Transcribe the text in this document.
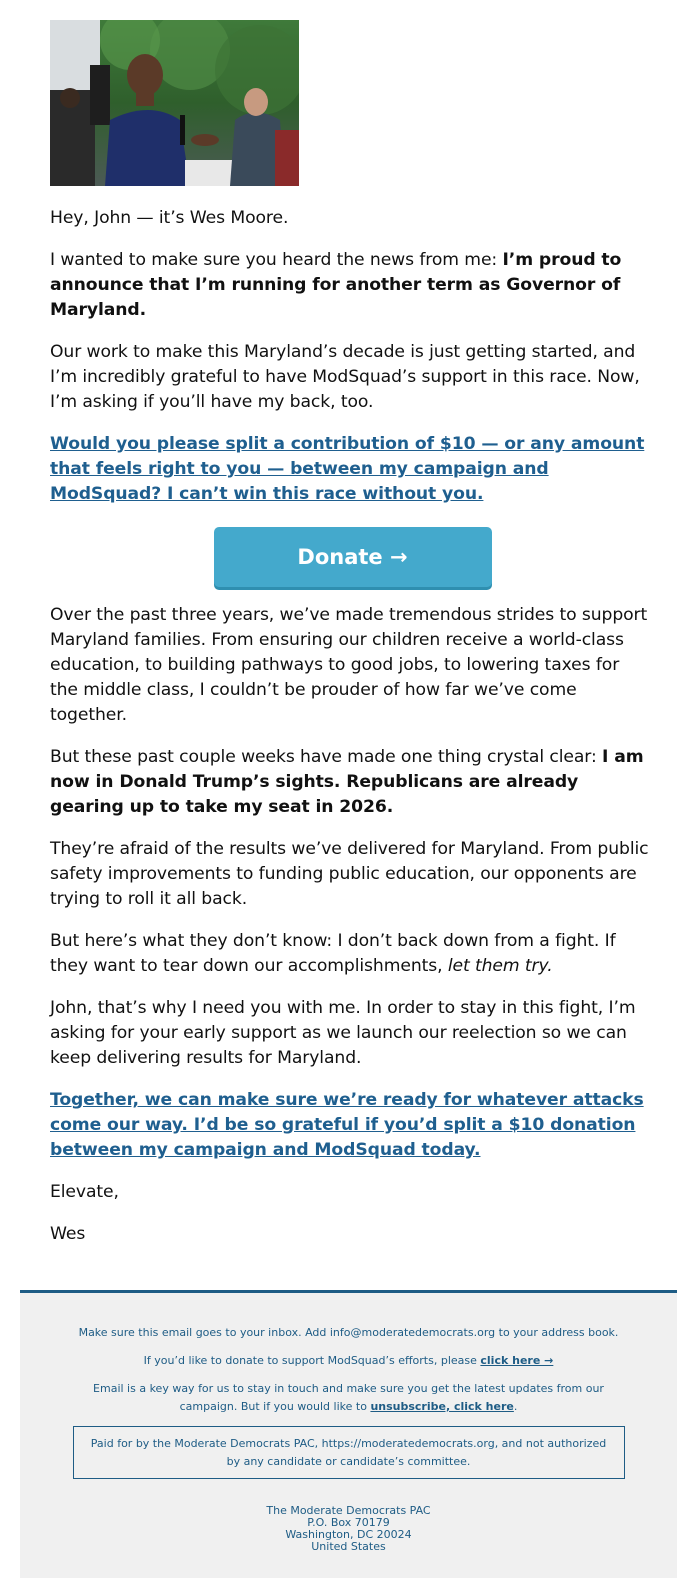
Hey, John — it’s Wes Moore.

I wanted to make sure you heard the news from me: I’m proud to announce that I’m running for another term as Governor of Maryland.

Our work to make this Maryland’s decade is just getting started, and I’m incredibly grateful to have ModSquad’s support in this race. Now, I’m asking if you’ll have my back, too.

Would you please split a contribution of $10 — or any amount that feels right to you — between my campaign and ModSquad? I can’t win this race without you.

Donate →

Over the past three years, we’ve made tremendous strides to support Maryland families. From ensuring our children receive a world-class education, to building pathways to good jobs, to lowering taxes for the middle class, I couldn’t be prouder of how far we’ve come together.

But these past couple weeks have made one thing crystal clear: I am now in Donald Trump’s sights. Republicans are already gearing up to take my seat in 2026.

They’re afraid of the results we’ve delivered for Maryland. From public safety improvements to funding public education, our opponents are trying to roll it all back.

But here’s what they don’t know: I don’t back down from a fight. If they want to tear down our accomplishments, let them try.

John, that’s why I need you with me. In order to stay in this fight, I’m asking for your early support as we launch our reelection so we can keep delivering results for Maryland.

Together, we can make sure we’re ready for whatever attacks come our way. I’d be so grateful if you’d split a $10 donation between my campaign and ModSquad today.

Elevate,

Wes

Make sure this email goes to your inbox. Add info@moderatedemocrats.org to your address book.

If you’d like to donate to support ModSquad’s efforts, please click here →

Email is a key way for us to stay in touch and make sure you get the latest updates from our campaign. But if you would like to unsubscribe, click here.

Paid for by the Moderate Democrats PAC, https://moderatedemocrats.org, and not authorized by any candidate or candidate’s committee.

The Moderate Democrats PAC

P.O. Box 70179

Washington, DC 20024

United States
